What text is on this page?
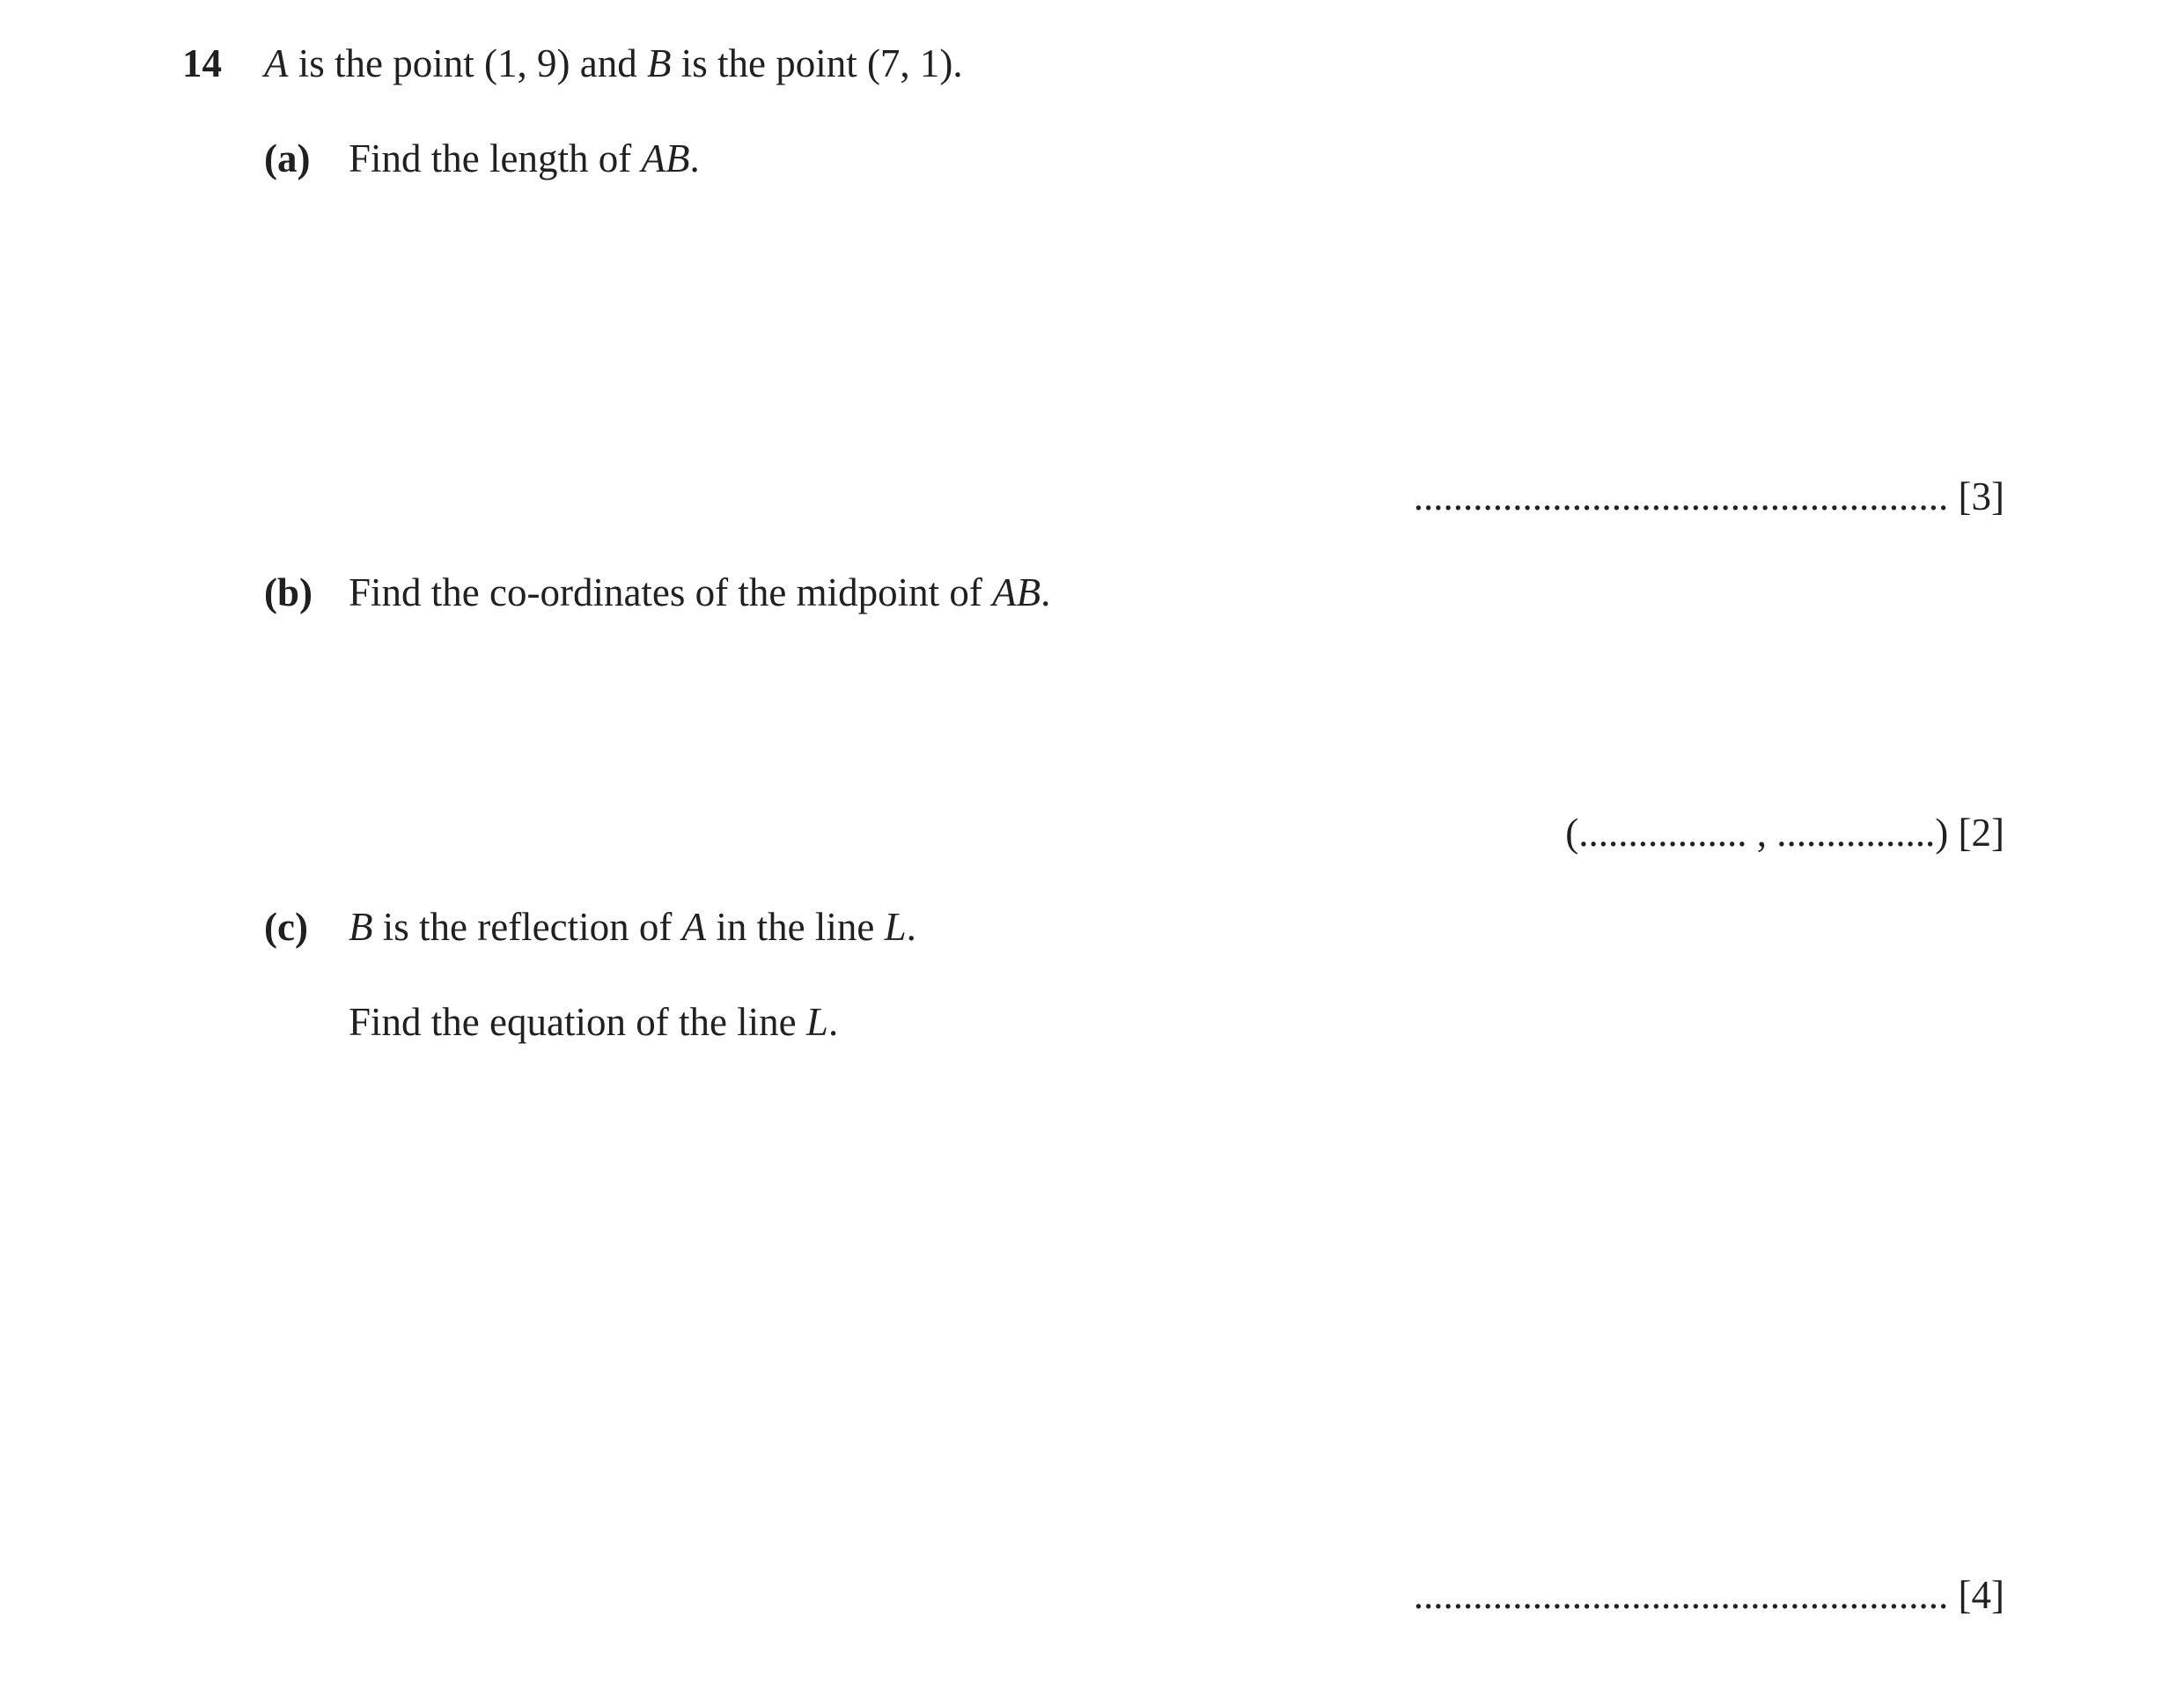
14 A is the point (1, 9) and B is the point (7, 1).
(a) Find the length of AB.
...................................................... [3]
(b) Find the co-ordinates of the midpoint of AB.
(................. , ................) [2]
(c) B is the reflection of A in the line L.
Find the equation of the line L.
...................................................... [4]
